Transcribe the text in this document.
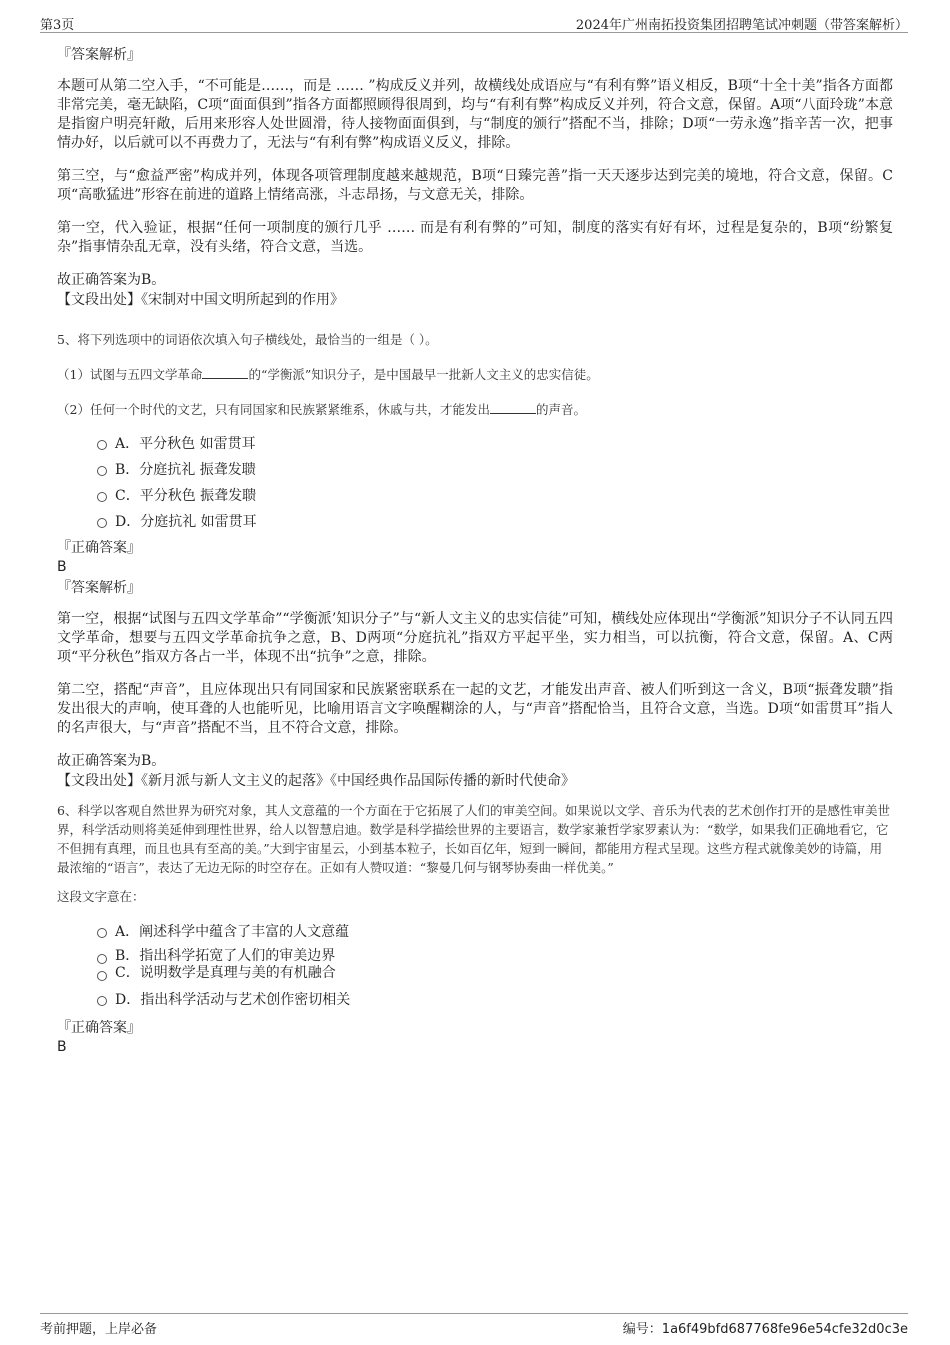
第3页	2024年广州南拓投资集团招聘笔试冲刺题（带答案解析）

『答案解析』

本题可从第二空入手，“不可能是……，而是 …… ”构成反义并列，故横线处成语应与“有利有弊”语义相反，B项“十全十美”指各方面都非常完美，毫无缺陷，C项“面面俱到”指各方面都照顾得很周到，均与“有利有弊”构成反义并列，符合文意，保留。A项“八面玲珑”本意是指窗户明亮轩敞，后用来形容人处世圆滑，待人接物面面俱到，与“制度的颁行”搭配不当，排除；D项“一劳永逸”指辛苦一次，把事情办好，以后就可以不再费力了，无法与“有利有弊”构成语义反义，排除。

第三空，与“愈益严密”构成并列，体现各项管理制度越来越规范，B项“日臻完善”指一天天逐步达到完美的境地，符合文意，保留。C项“高歌猛进”形容在前进的道路上情绪高涨，斗志昂扬，与文意无关，排除。

第一空，代入验证，根据“任何一项制度的颁行几乎 …… 而是有利有弊的”可知，制度的落实有好有坏，过程是复杂的，B项“纷繁复杂”指事情杂乱无章，没有头绪，符合文意，当选。

故正确答案为B。

【文段出处】《宋制对中国文明所起到的作用》

5、将下列选项中的词语依次填入句子横线处，最恰当的一组是（ ）。

（1）试图与五四文学革命	的“学衡派”知识分子，是中国最早一批新人文主义的忠实信徒。

（2）任何一个时代的文艺，只有同国家和民族紧紧维系，休戚与共，才能发出	的声音。

A．平分秋色 如雷贯耳

B．分庭抗礼 振聋发聩

C．平分秋色 振聋发聩

D．分庭抗礼 如雷贯耳

『正确答案』

B

『答案解析』

第一空，根据“试图与五四文学革命”“学衡派’知识分子”与“新人文主义的忠实信徒”可知，横线处应体现出“学衡派”知识分子不认同五四文学革命，想要与五四文学革命抗争之意，B、D两项“分庭抗礼”指双方平起平坐，实力相当，可以抗衡，符合文意，保留。A、C两项“平分秋色”指双方各占一半，体现不出“抗争”之意，排除。

第二空，搭配“声音”，且应体现出只有同国家和民族紧密联系在一起的文艺，才能发出声音、被人们听到这一含义，B项“振聋发聩”指发出很大的声响，使耳聋的人也能听见，比喻用语言文字唤醒糊涂的人，与“声音”搭配恰当，且符合文意，当选。D项“如雷贯耳”指人的名声很大，与“声音”搭配不当，且不符合文意，排除。

故正确答案为B。

【文段出处】《新月派与新人文主义的起落》《中国经典作品国际传播的新时代使命》

6、科学以客观自然世界为研究对象，其人文意蕴的一个方面在于它拓展了人们的审美空间。如果说以文学、音乐为代表的艺术创作打开的是感性审美世界，科学活动则将美延伸到理性世界，给人以智慧启迪。数学是科学描绘世界的主要语言，数学家兼哲学家罗素认为：“数学，如果我们正确地看它，它不但拥有真理，而且也具有至高的美。”大到宇宙星云，小到基本粒子，长如百亿年，短到一瞬间，都能用方程式呈现。这些方程式就像美妙的诗篇，用最浓缩的“语言”，表达了无边无际的时空存在。正如有人赞叹道：“黎曼几何与钢琴协奏曲一样优美。”

这段文字意在：

A．阐述科学中蕴含了丰富的人文意蕴

B．指出科学拓宽了人们的审美边界

C．说明数学是真理与美的有机融合

D．指出科学活动与艺术创作密切相关

『正确答案』

B

考前押题，上岸必备	编号：1a6f49bfd687768fe96e54cfe32d0c3e
